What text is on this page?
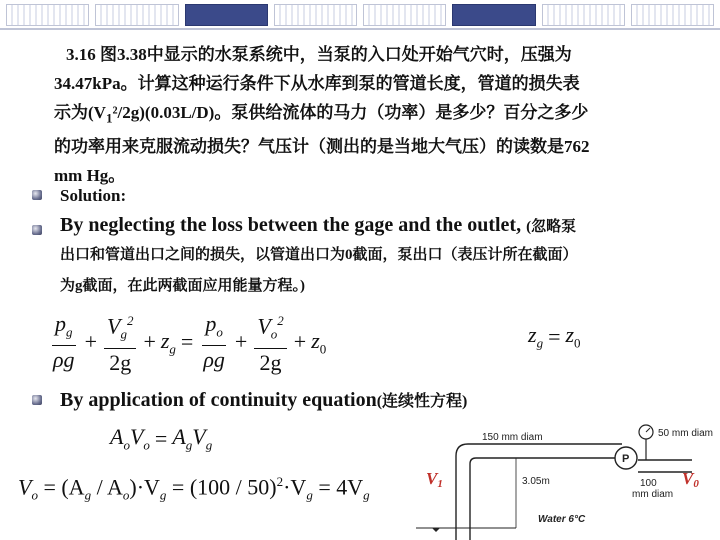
3.16 图3.38中显示的水泵系统中，当泵的入口处开始气穴时，压强为
34.47kPa。计算这种运行条件下从水库到泵的管道长度，管道的损失表
示为$(V_1^2/2g)(0.03L/D)$。泵供给流体的马力（功率）是多少？百分之多少
的功率用来克服流动损失？气压计（测出的是当地大气压）的读数是762
mm Hg。
Solution:
By neglecting the loss between the gage and the outlet, (忽略泵
出口和管道出口之间的损失，以管道出口为0截面，泵出口（表压计所在截面）
为g截面，在此两截面应用能量方程。)
$\frac{p_g}{\rho g} + \frac{V_g^2}{2g} + z_g = \frac{p_o}{\rho g} + \frac{V_o^2}{2g} + z_0$
$z_g = z_0$
By application of continuity equation(连续性方程)
$A_oV_o = A_gV_g$
$V_o = (A_g / A_o)\cdot V_g = (100 / 50)^2\cdot V_g = 4V_g$
P
150 mm diam	50 mm diam
100
mm diam
3.05m
Water 6°C
V1	V0
